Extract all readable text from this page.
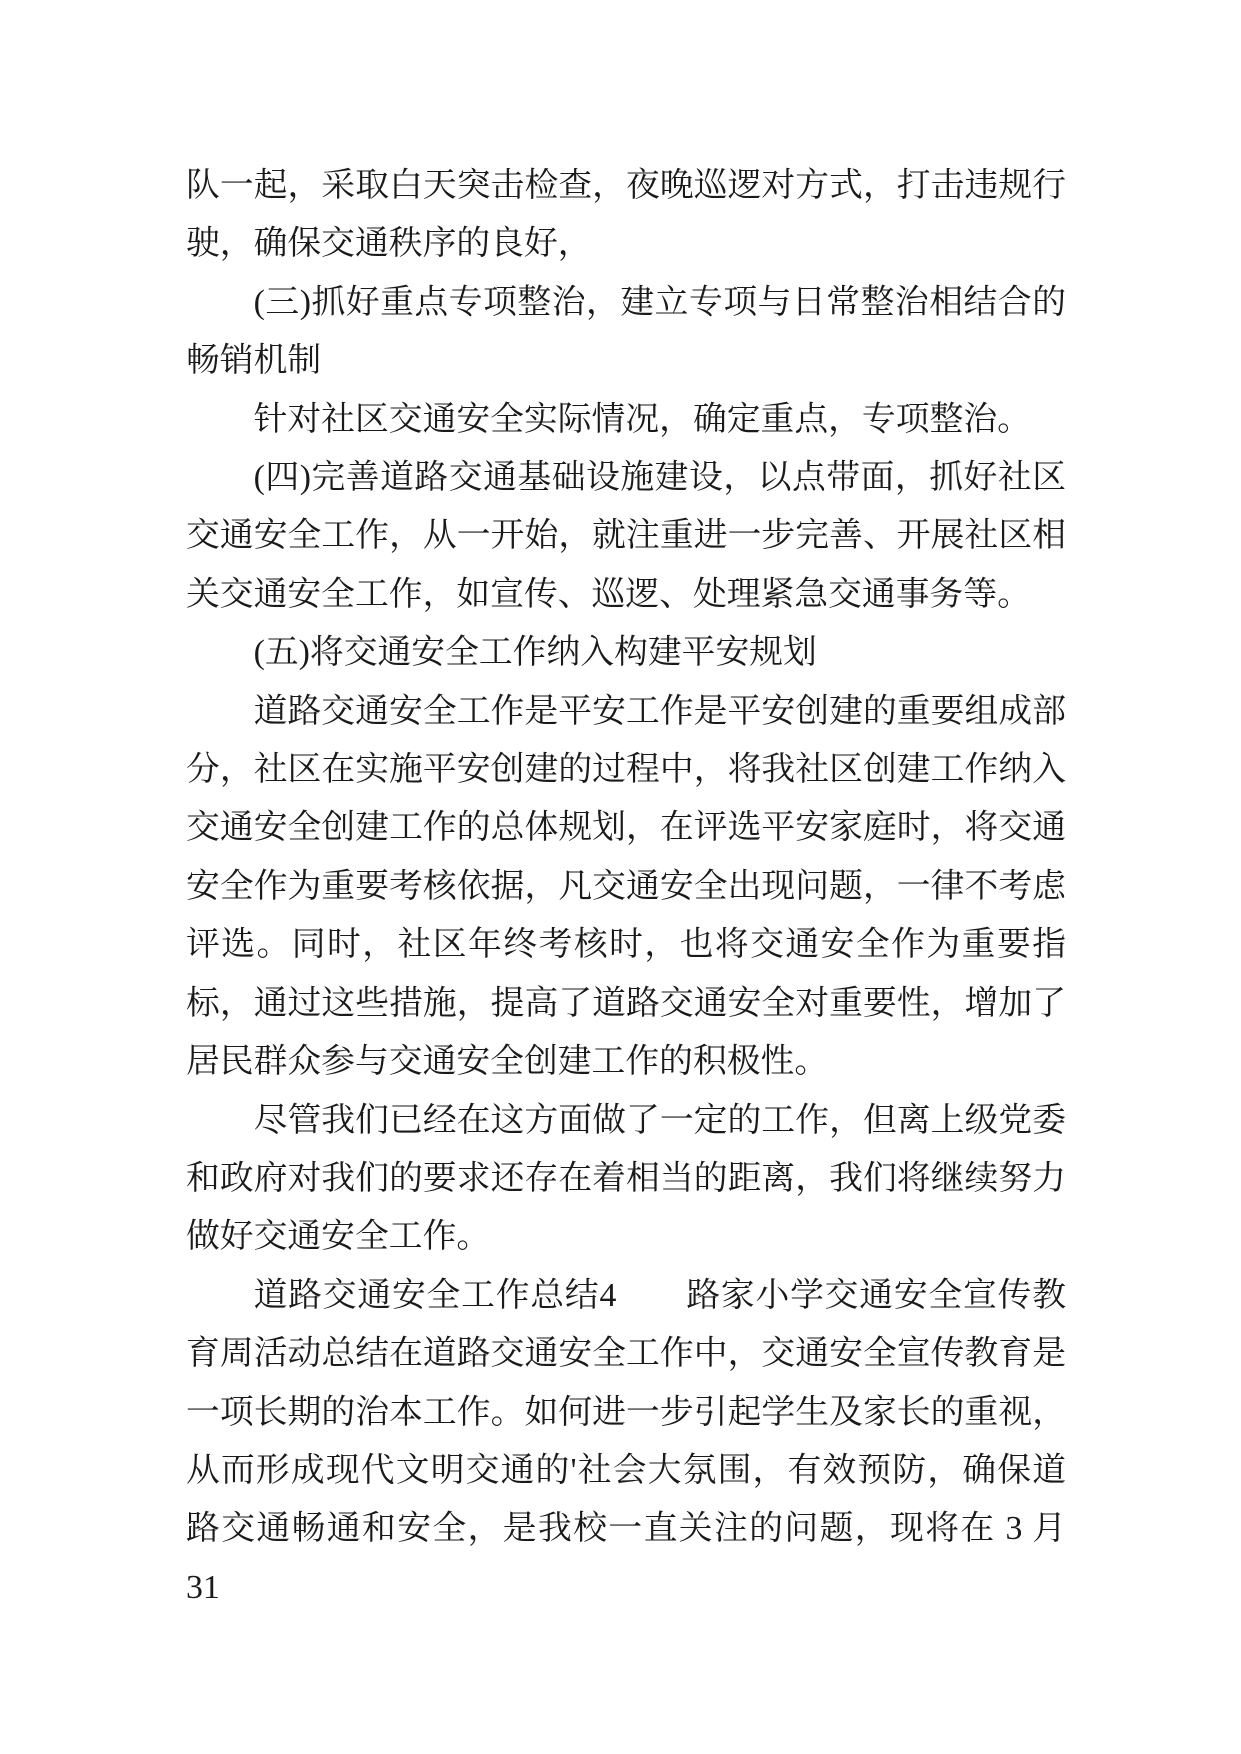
队一起，采取白天突击检查，夜晚巡逻对方式，打击违规行驶，确保交通秩序的良好，

(三)抓好重点专项整治，建立专项与日常整治相结合的畅销机制

针对社区交通安全实际情况，确定重点，专项整治。

(四)完善道路交通基础设施建设，以点带面，抓好社区交通安全工作，从一开始，就注重进一步完善、开展社区相关交通安全工作，如宣传、巡逻、处理紧急交通事务等。

(五)将交通安全工作纳入构建平安规划

道路交通安全工作是平安工作是平安创建的重要组成部分，社区在实施平安创建的过程中，将我社区创建工作纳入交通安全创建工作的总体规划，在评选平安家庭时，将交通安全作为重要考核依据，凡交通安全出现问题，一律不考虑评选。同时，社区年终考核时，也将交通安全作为重要指标，通过这些措施，提高了道路交通安全对重要性，增加了居民群众参与交通安全创建工作的积极性。

尽管我们已经在这方面做了一定的工作，但离上级党委和政府对我们的要求还存在着相当的距离，我们将继续努力做好交通安全工作。

道路交通安全工作总结4　　路家小学交通安全宣传教育周活动总结在道路交通安全工作中，交通安全宣传教育是一项长期的治本工作。如何进一步引起学生及家长的重视，从而形成现代文明交通的'社会大氛围，有效预防，确保道路交通畅通和安全，是我校一直关注的问题，现将在 3 月 31
